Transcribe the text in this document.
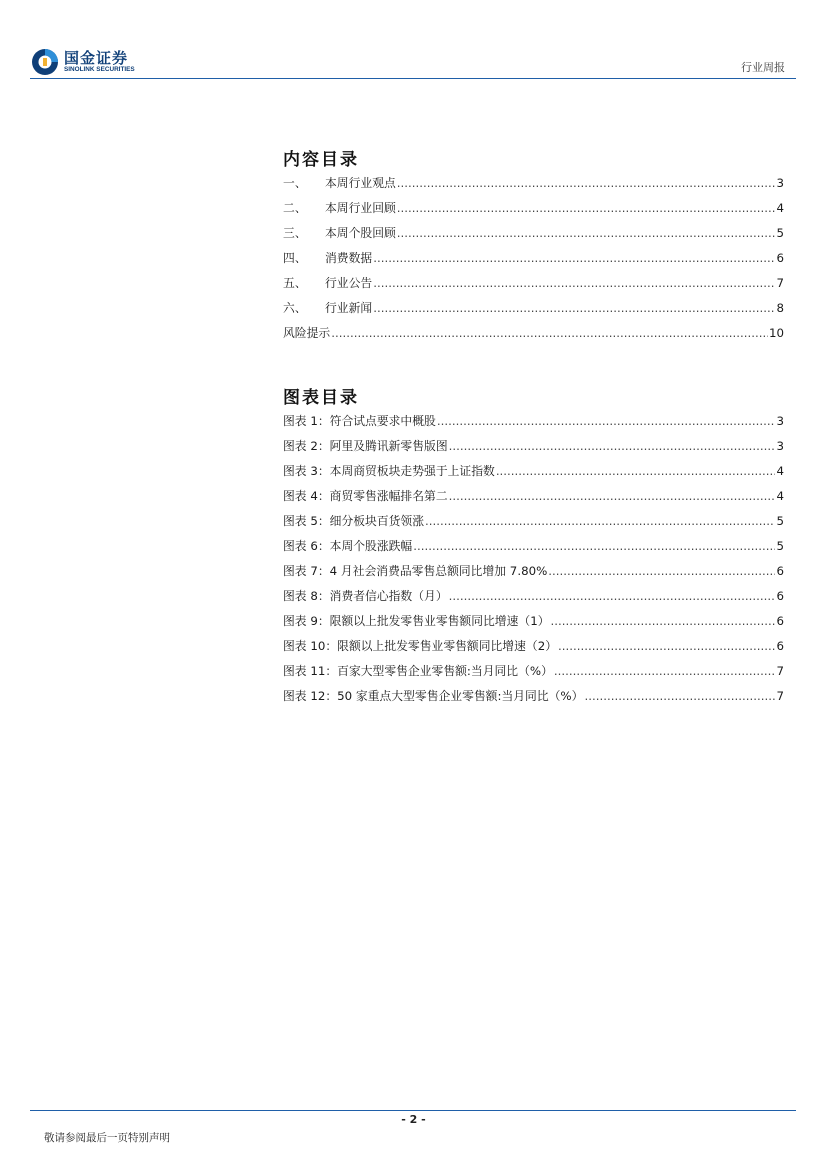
国金证券
SINOLINK SECURITIES	行业周报
内容目录
一、 本周行业观点 .....	3
二、 本周行业回顾 .....	4
三、 本周个股回顾 .....	5
四、 消费数据 .....	6
五、 行业公告 .....	7
六、 行业新闻 .....	8
风险提示 .....	10
图表目录
图表 1：符合试点要求中概股 .....	3
图表 2：阿里及腾讯新零售版图 .....	3
图表 3：本周商贸板块走势强于上证指数 .....	4
图表 4：商贸零售涨幅排名第二 .....	4
图表 5：细分板块百货领涨 .....	5
图表 6：本周个股涨跌幅 .....	5
图表 7：4 月社会消费品零售总额同比增加 7.80% .....	6
图表 8：消费者信心指数（月） .....	6
图表 9：限额以上批发零售业零售额同比增速（1） .....	6
图表 10：限额以上批发零售业零售额同比增速（2） .....	6
图表 11：百家大型零售企业零售额:当月同比（%） .....	7
图表 12：50 家重点大型零售企业零售额:当月同比（%） .....	7
- 2 -
敬请参阅最后一页特别声明
